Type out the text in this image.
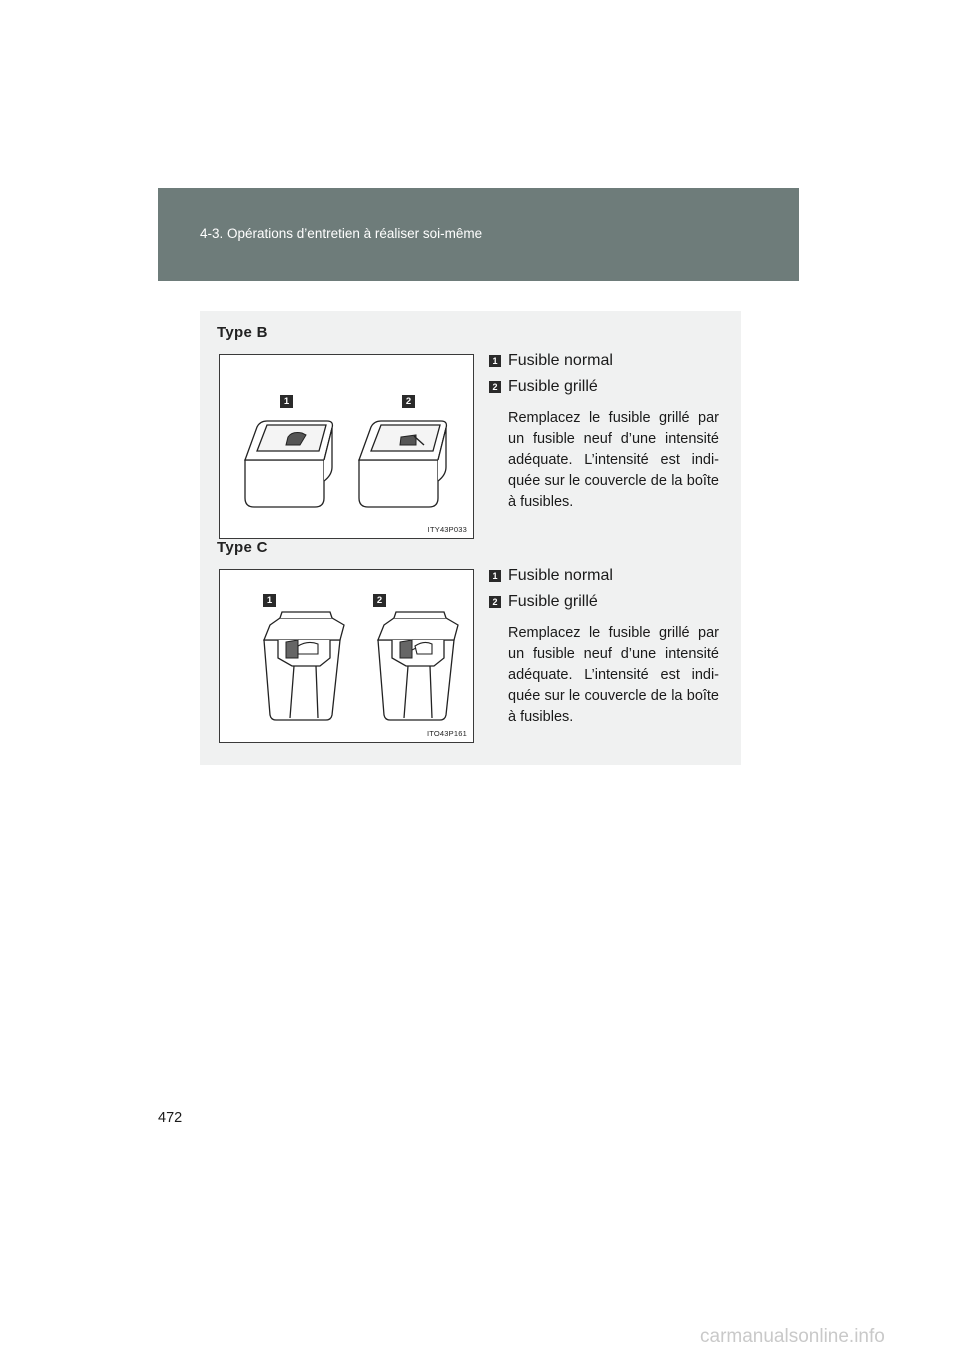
4-3. Opérations d’entretien à réaliser soi-même
Type B
1	2
ITY43P033
1 Fusible normal
2 Fusible grillé

Remplacez le fusible grillé par un fusible neuf d’une intensité adéquate. L’intensité est indi-quée sur le couvercle de la boîte à fusibles.

Type C
1	2
ITO43P161
1 Fusible normal
2 Fusible grillé

Remplacez le fusible grillé par un fusible neuf d’une intensité adéquate. L’intensité est indi-quée sur le couvercle de la boîte à fusibles.

472
carmanualsonline.info
